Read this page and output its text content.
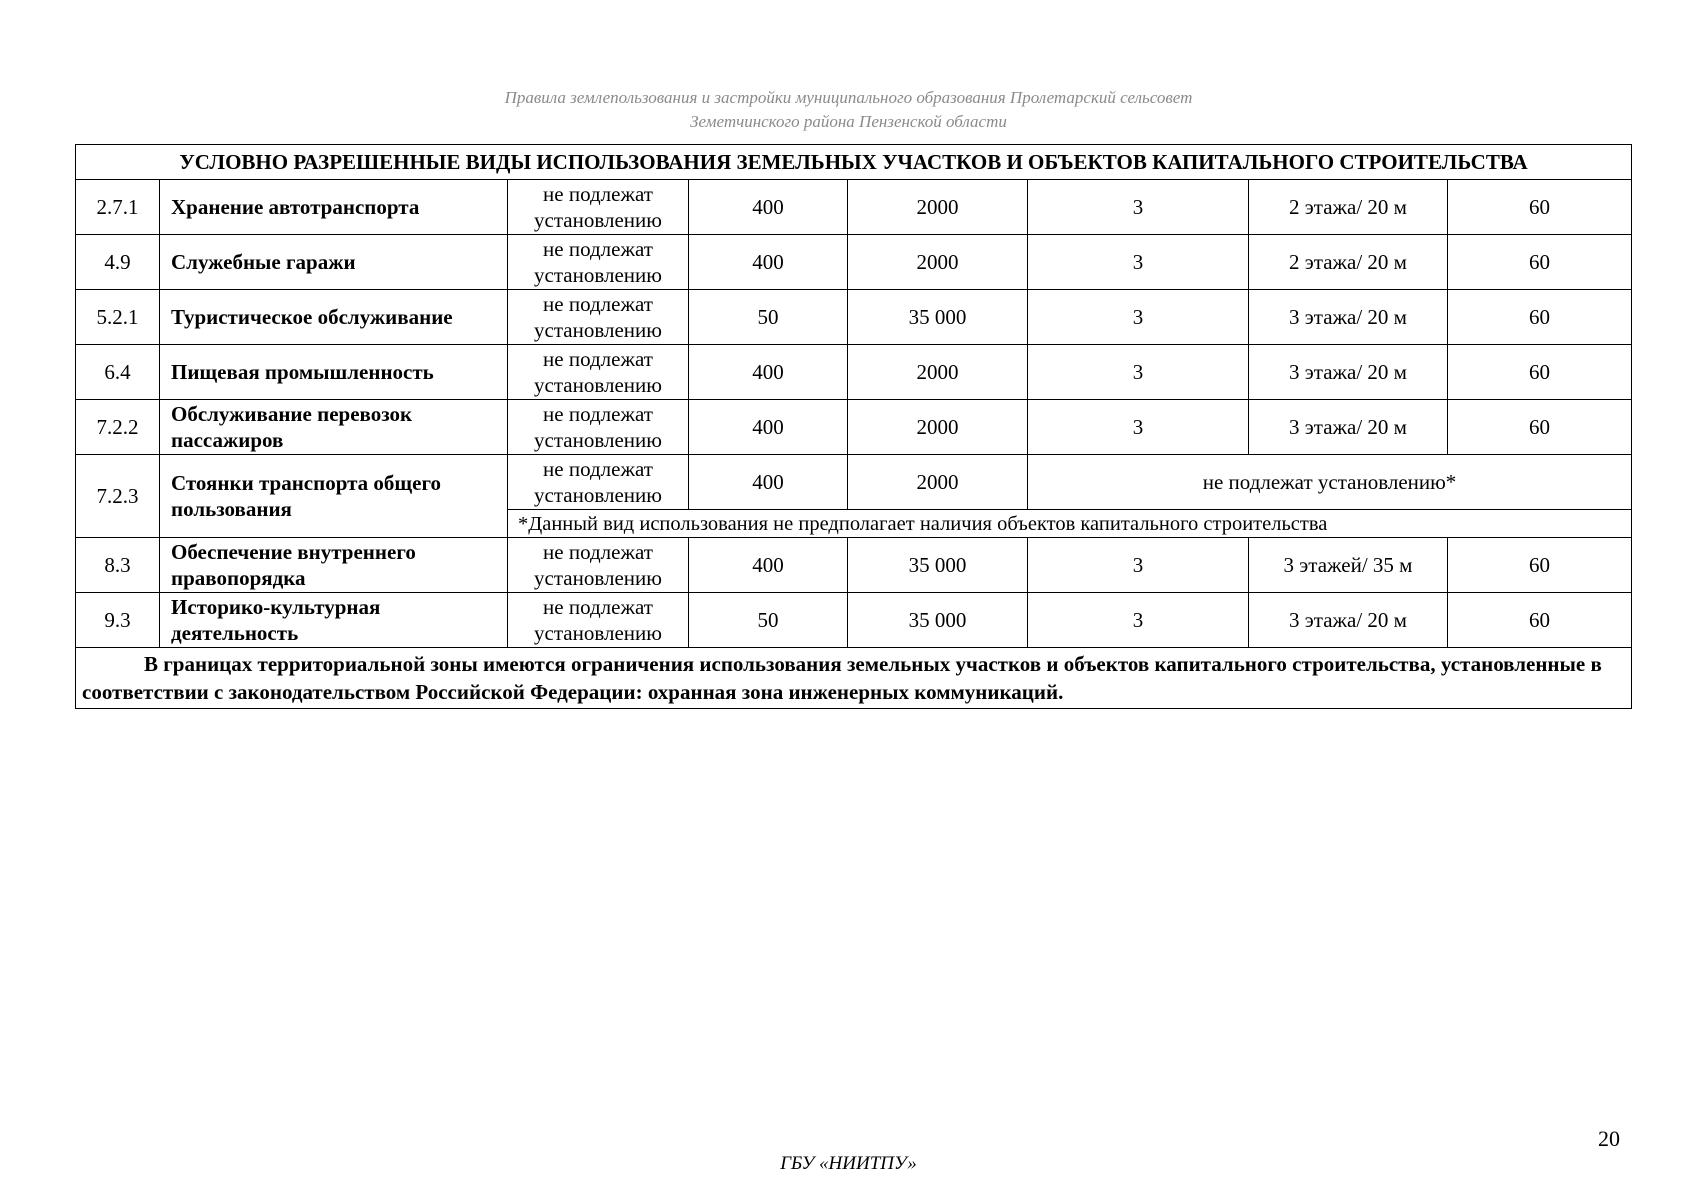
Правила землепользования и застройки муниципального образования Пролетарский сельсовет
Земетчинского района Пензенской области
УСЛОВНО РАЗРЕШЕННЫЕ ВИДЫ ИСПОЛЬЗОВАНИЯ ЗЕМЕЛЬНЫХ УЧАСТКОВ И ОБЪЕКТОВ КАПИТАЛЬНОГО СТРОИТЕЛЬСТВА							
2.7.1	Хранение автотранспорта	не подлежат установлению	400	2000	3	2 этажа/ 20 м	60
4.9	Служебные гаражи	не подлежат установлению	400	2000	3	2 этажа/ 20 м	60
5.2.1	Туристическое обслуживание	не подлежат установлению	50	35 000	3	3 этажа/ 20 м	60
6.4	Пищевая промышленность	не подлежат установлению	400	2000	3	3 этажа/ 20 м	60
7.2.2	Обслуживание перевозок пассажиров	не подлежат установлению	400	2000	3	3 этажа/ 20 м	60
7.2.3	Стоянки транспорта общего пользования	не подлежат установлению	400	2000	не подлежат установлению*		
		*Данный вид использования не предполагает наличия объектов капитального строительства					
8.3	Обеспечение внутреннего правопорядка	не подлежат установлению	400	35 000	3	3 этажей/ 35 м	60
9.3	Историко-культурная деятельность	не подлежат установлению	50	35 000	3	3 этажа/ 20 м	60
В границах территориальной зоны имеются ограничения использования земельных участков и объектов капитального строительства, установленные в соответствии с законодательством Российской Федерации: охранная зона инженерных коммуникаций.							
20
ГБУ «НИИТПУ»
